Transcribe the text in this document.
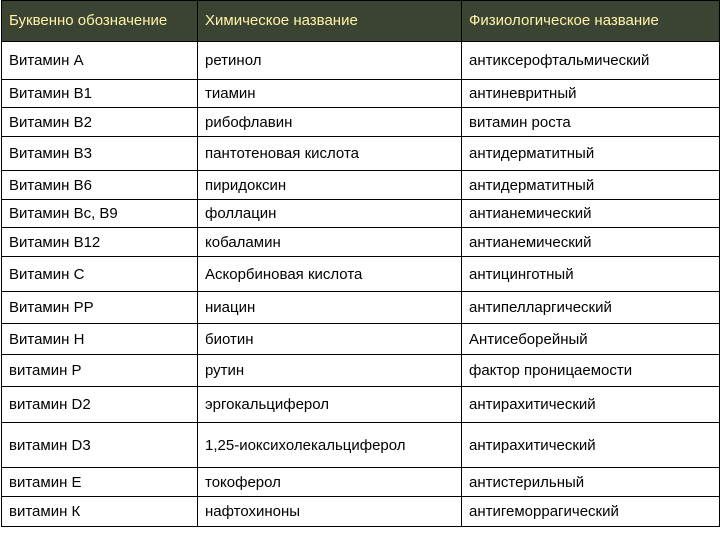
Буквенно обозначение	Химическое название	Физиологическое название

Витамин А	ретинол	антиксерофтальмический
Витамин В1	тиамин	антиневритный
Витамин В2	рибофлавин	витамин роста
Витамин В3	пантотеновая кислота	антидерматитный
Витамин В6	пиридоксин	антидерматитный
Витамин Вс, В9	фоллацин	антианемический
Витамин В12	кобаламин	антианемический
Витамин С	Аскорбиновая кислота	антицинготный
Витамин РР	ниацин	антипелларгический
Витамин Н	биотин	Антисеборейный
витамин Р	рутин	фактор проницаемости
витамин D2	эргокальциферол	антирахитический
витамин D3	1,25-иоксихолекальциферол	антирахитический
витамин Е	токоферол	антистерильный
витамин К	нафтохиноны	антигеморрагический
